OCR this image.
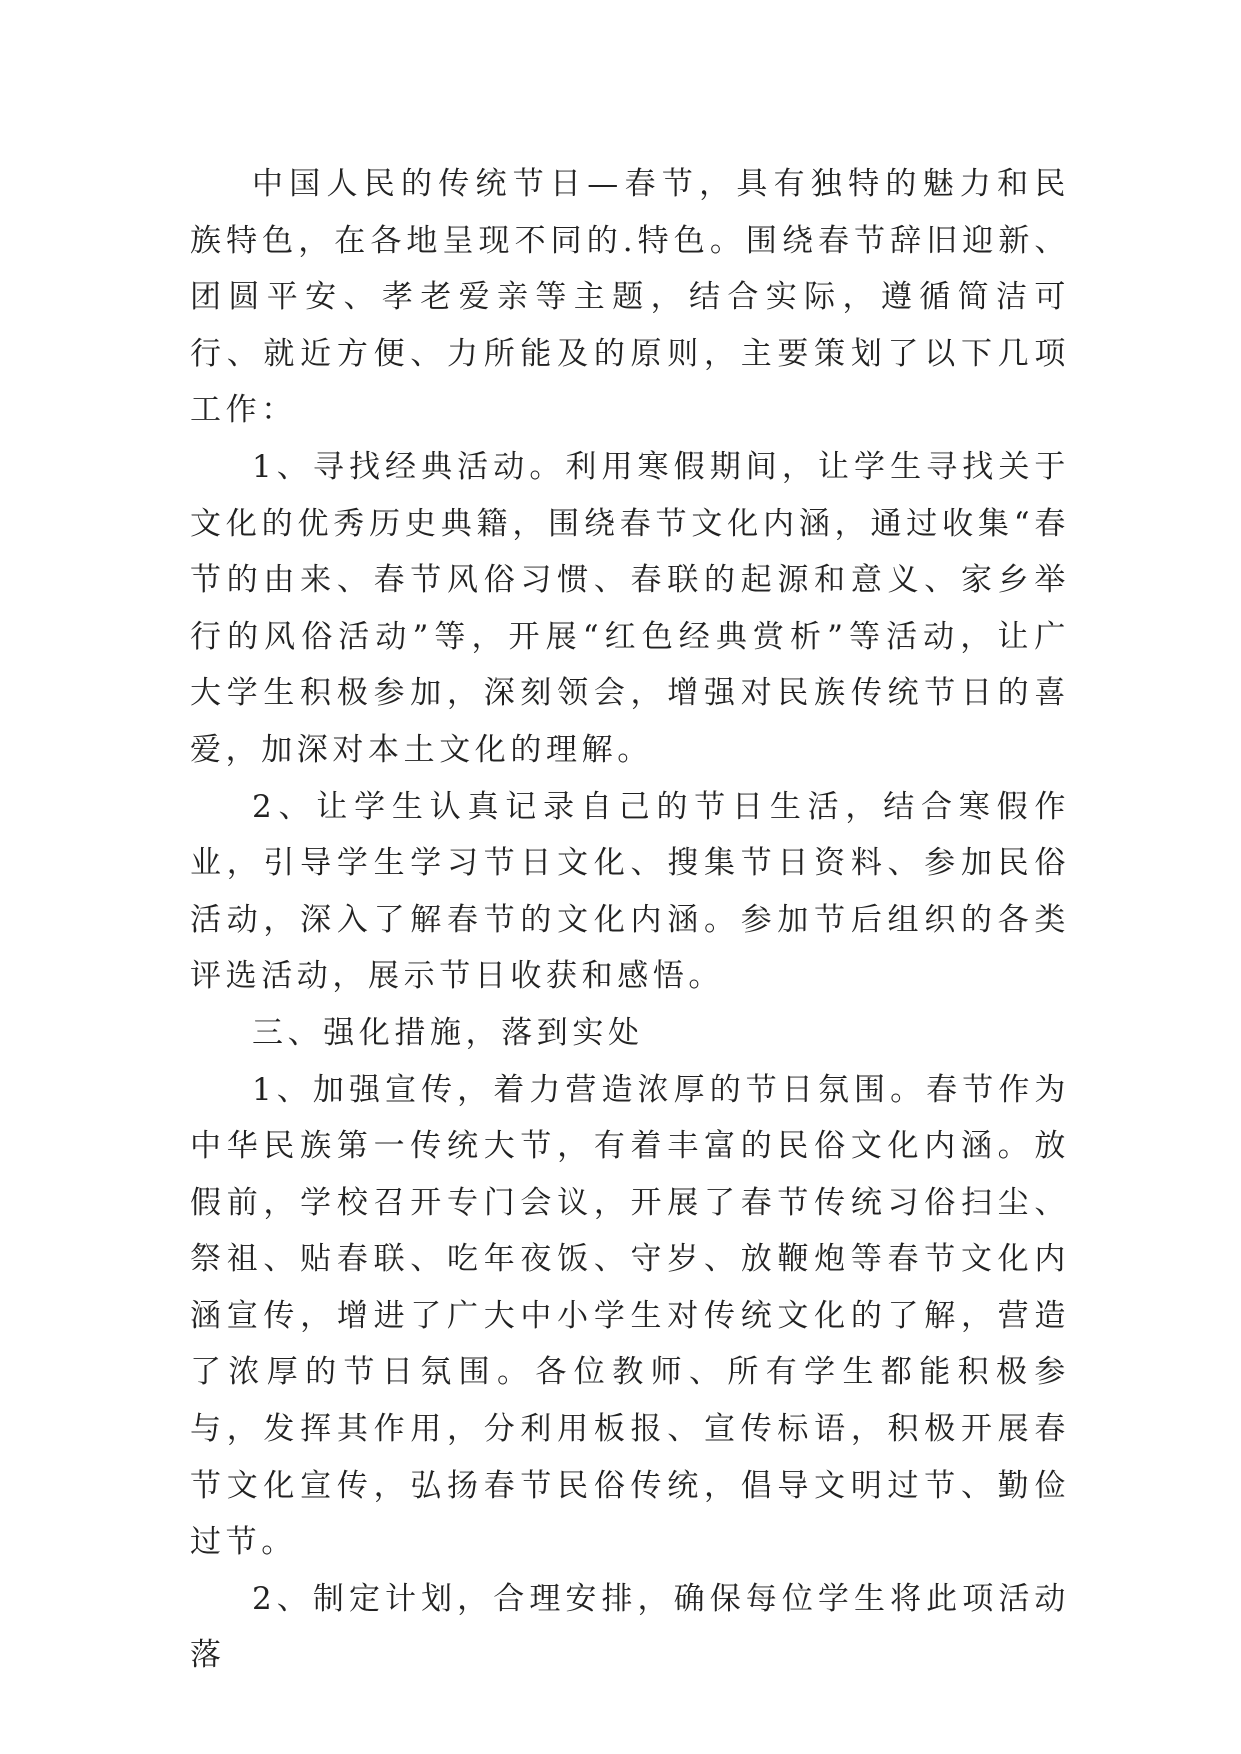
中国人民的传统节日—春节，具有独特的魅力和民族特色，在各地呈现不同的.特色。围绕春节辞旧迎新、团圆平安、孝老爱亲等主题，结合实际，遵循简洁可行、就近方便、力所能及的原则，主要策划了以下几项工作：

1、寻找经典活动。利用寒假期间，让学生寻找关于文化的优秀历史典籍，围绕春节文化内涵，通过收集“春节的由来、春节风俗习惯、春联的起源和意义、家乡举行的风俗活动”等，开展“红色经典赏析”等活动，让广大学生积极参加，深刻领会，增强对民族传统节日的喜爱，加深对本土文化的理解。

2、让学生认真记录自己的节日生活，结合寒假作业，引导学生学习节日文化、搜集节日资料、参加民俗活动，深入了解春节的文化内涵。参加节后组织的各类评选活动，展示节日收获和感悟。

三、强化措施，落到实处

1、加强宣传，着力营造浓厚的节日氛围。春节作为中华民族第一传统大节，有着丰富的民俗文化内涵。放假前，学校召开专门会议，开展了春节传统习俗扫尘、祭祖、贴春联、吃年夜饭、守岁、放鞭炮等春节文化内涵宣传，增进了广大中小学生对传统文化的了解，营造了浓厚的节日氛围。各位教师、所有学生都能积极参与，发挥其作用，分利用板报、宣传标语，积极开展春节文化宣传，弘扬春节民俗传统，倡导文明过节、勤俭过节。

2、制定计划，合理安排，确保每位学生将此项活动落
